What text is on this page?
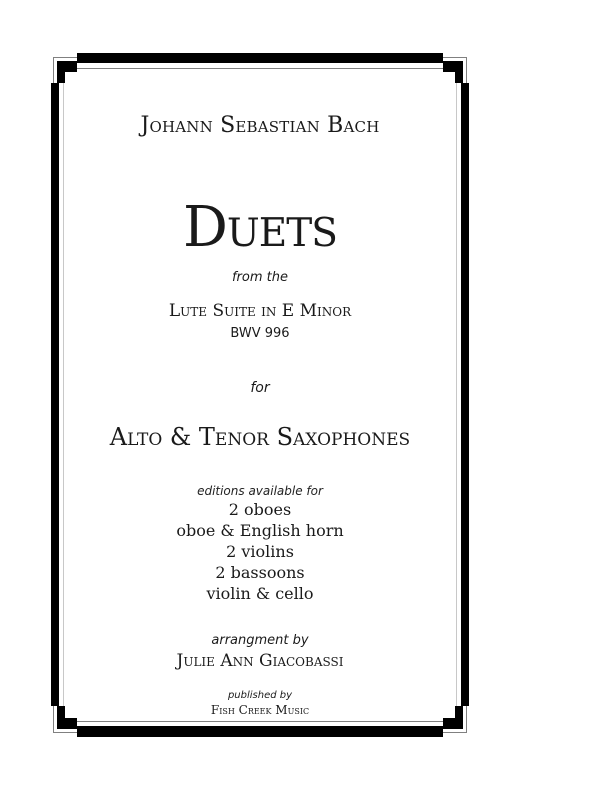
Johann Sebastian Bach
Duets
from the
Lute Suite in E Minor
BWV 996
for
Alto & Tenor Saxophones
editions available for
2 oboes
oboe & English horn
2 violins
2 bassoons
violin & cello
arrangment by
Julie Ann Giacobassi
published by
Fish Creek Music
